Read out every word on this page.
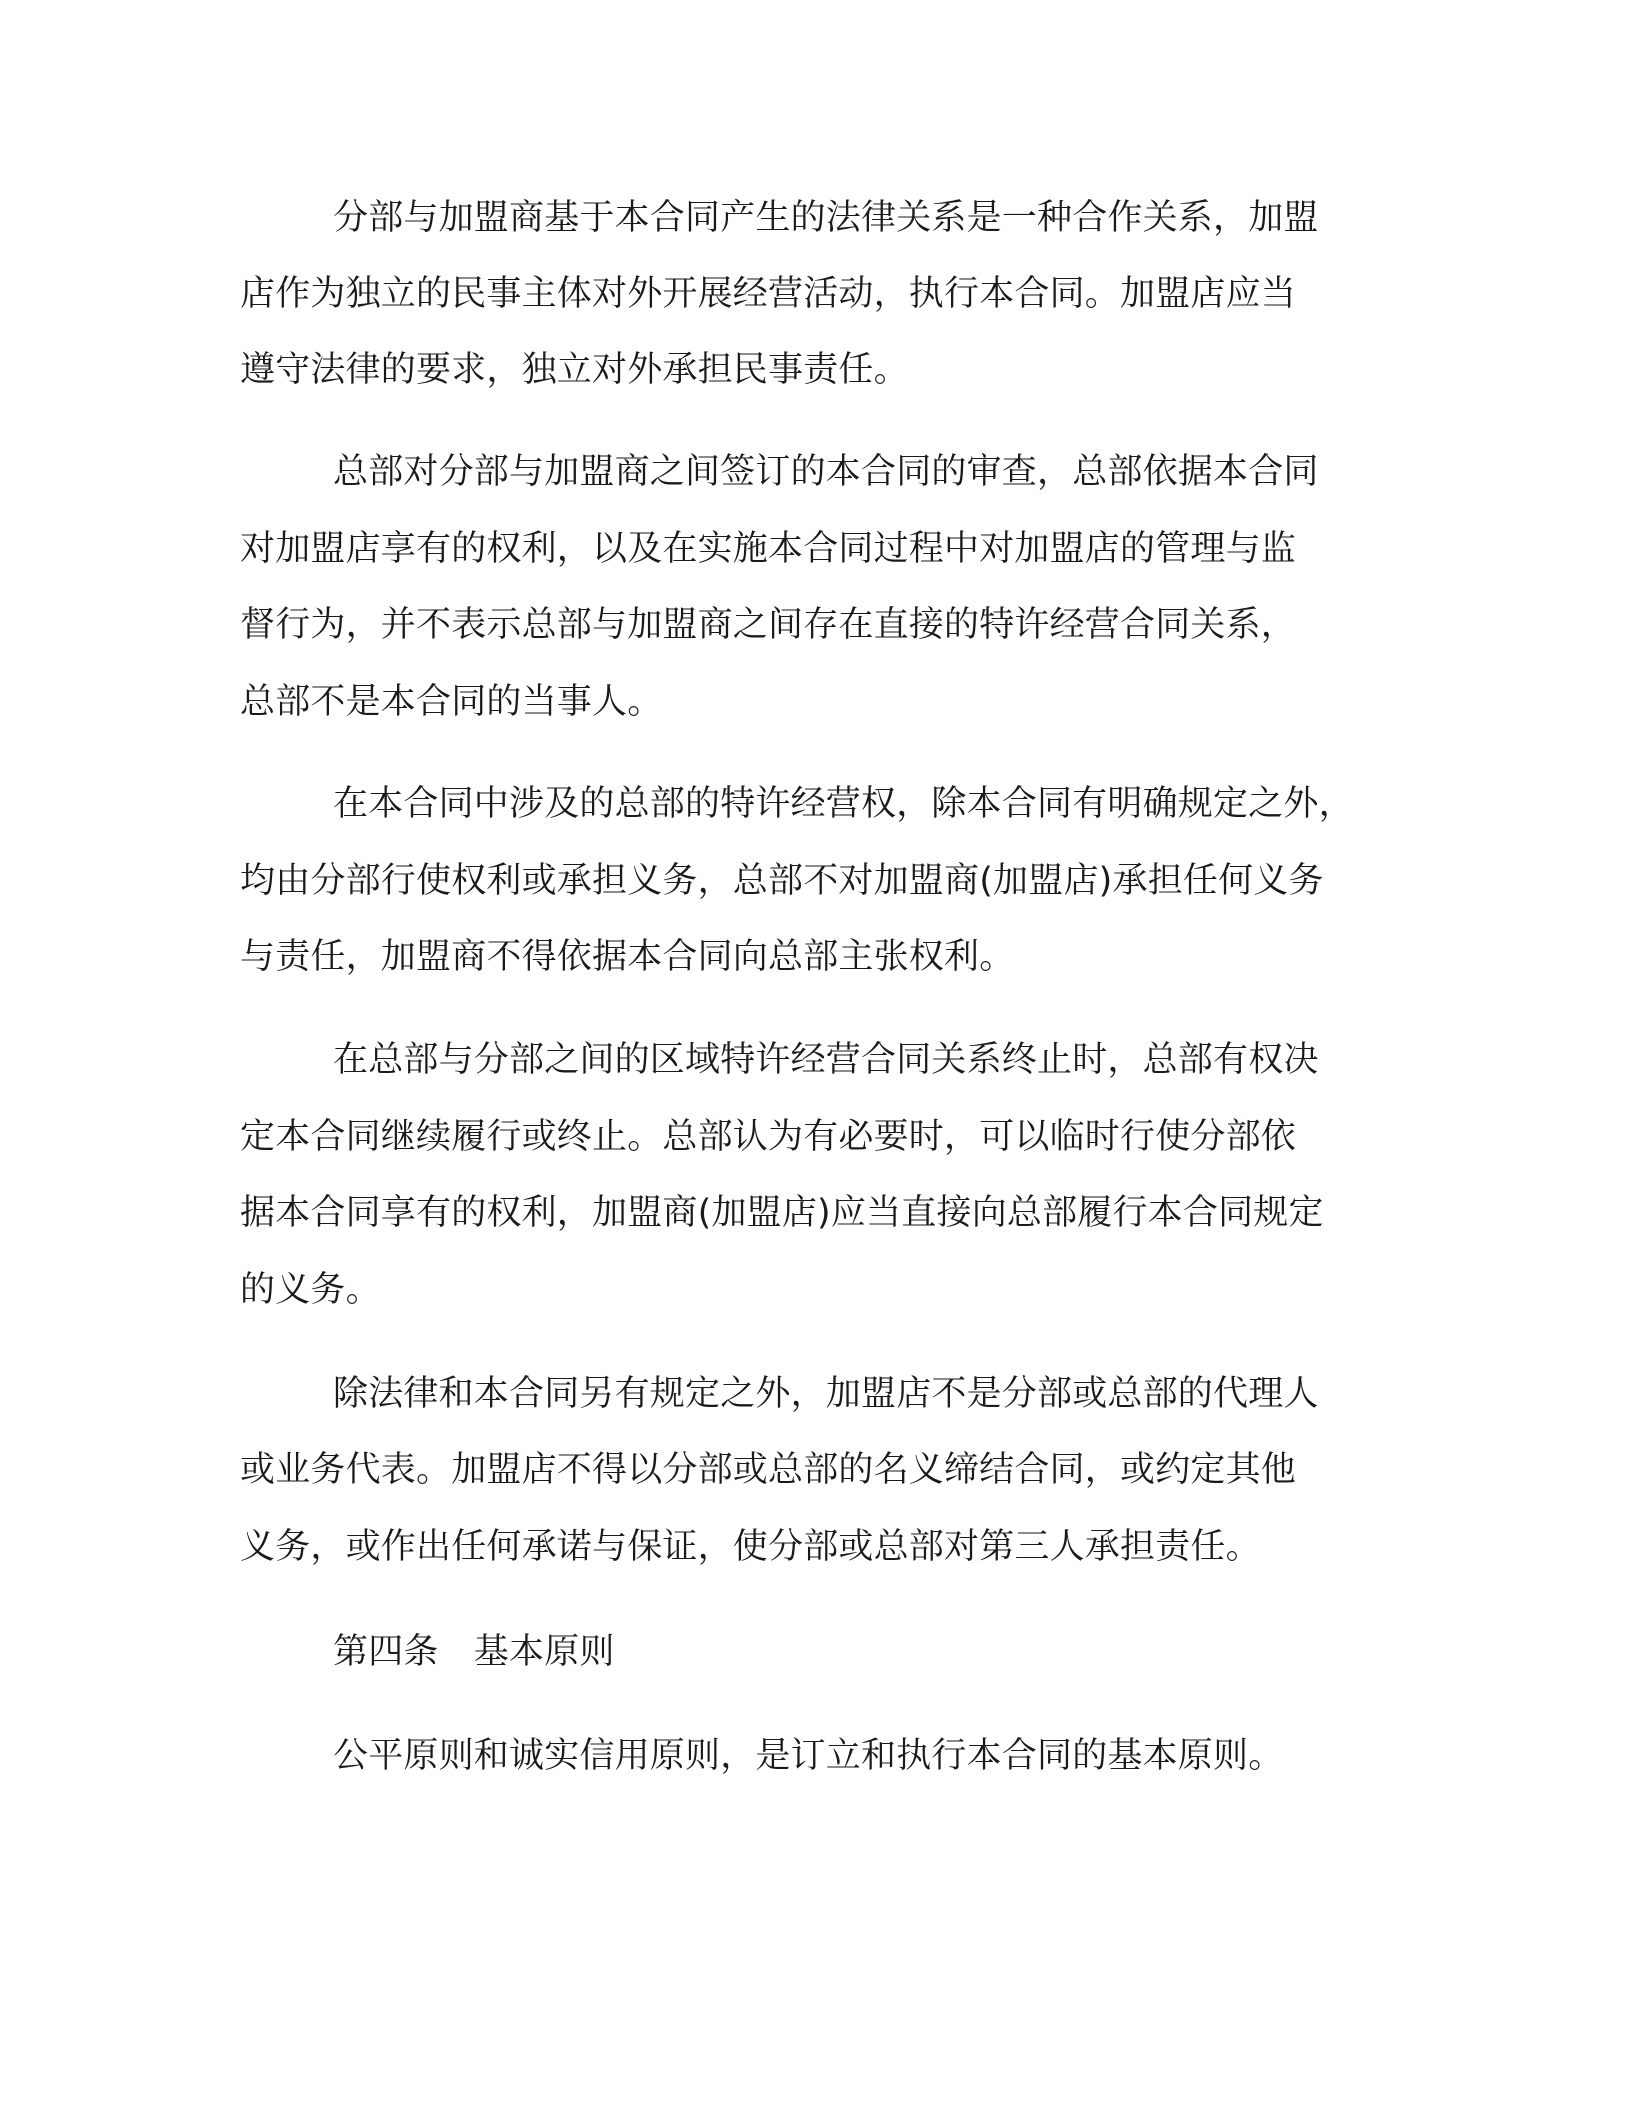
分部与加盟商基于本合同产生的法律关系是一种合作关系，加盟
店作为独立的民事主体对外开展经营活动，执行本合同。加盟店应当
遵守法律的要求，独立对外承担民事责任。
总部对分部与加盟商之间签订的本合同的审查，总部依据本合同
对加盟店享有的权利，以及在实施本合同过程中对加盟店的管理与监
督行为，并不表示总部与加盟商之间存在直接的特许经营合同关系，
总部不是本合同的当事人。
在本合同中涉及的总部的特许经营权，除本合同有明确规定之外，
均由分部行使权利或承担义务，总部不对加盟商(加盟店)承担任何义务
与责任，加盟商不得依据本合同向总部主张权利。
在总部与分部之间的区域特许经营合同关系终止时，总部有权决
定本合同继续履行或终止。总部认为有必要时，可以临时行使分部依
据本合同享有的权利，加盟商(加盟店)应当直接向总部履行本合同规定
的义务。
除法律和本合同另有规定之外，加盟店不是分部或总部的代理人
或业务代表。加盟店不得以分部或总部的名义缔结合同，或约定其他
义务，或作出任何承诺与保证，使分部或总部对第三人承担责任。
第四条　基本原则
公平原则和诚实信用原则，是订立和执行本合同的基本原则。
